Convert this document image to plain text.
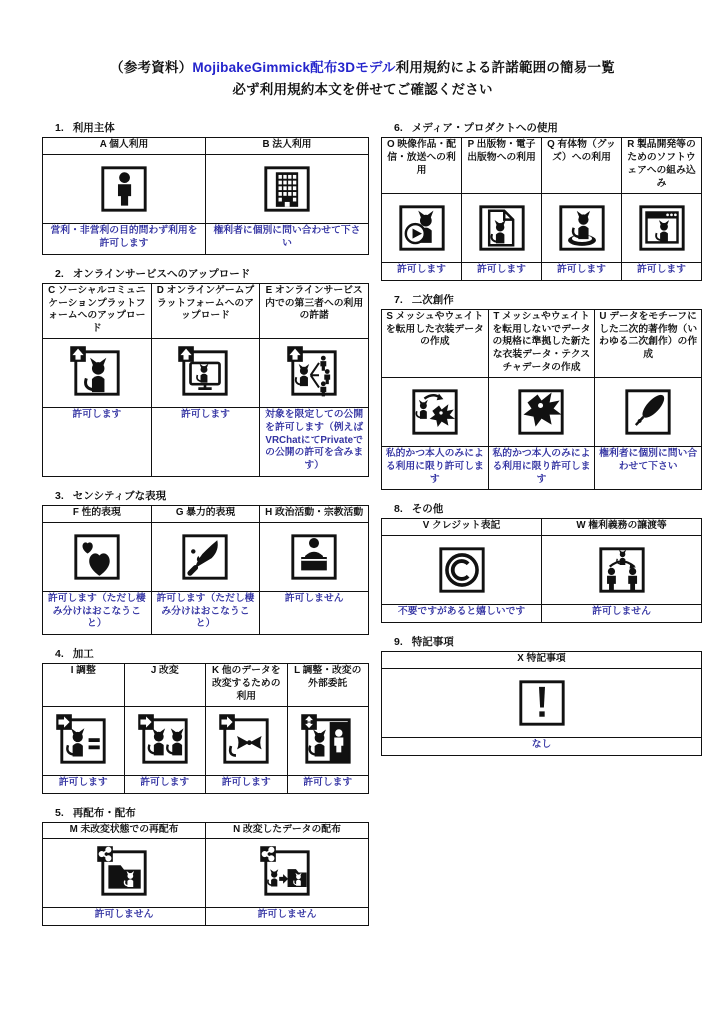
（参考資料）MojibakeGimmick配布3Dモデル利用規約による許諾範囲の簡易一覧
必ず利用規約本文を併せてご確認ください
1. 利用主体
A 個人利用	B 法人利用

営利・非営利の目的問わず利用を許可します	権利者に個別に問い合わせて下さい
2. オンラインサービスへのアップロード
C ソーシャルコミュニケーションプラットフォームへのアップロード	D オンラインゲームプラットフォームへのアップロード	E オンラインサービス内での第三者への利用の許諾

許可します	許可します	対象を限定しての公開を許可します（例えばVRChatにてPrivateでの公開の許可を含みます）
3. センシティブな表現
F 性的表現	G 暴力的表現	H 政治活動・宗教活動

許可します（ただし棲み分けはおこなうこと）	許可します（ただし棲み分けはおこなうこと）	許可しません
4. 加工
I 調整	J 改変	K 他のデータを改変するための利用	L 調整・改変の外部委託

許可します	許可します	許可します	許可します
5. 再配布・配布
M 未改変状態での再配布	N 改変したデータの配布

許可しません	許可しません
6. メディア・プロダクトへの使用
O 映像作品・配信・放送への利用	P 出版物・電子出版物への利用	Q 有体物（グッズ）への利用	R 製品開発等のためのソフトウェアへの組み込み

許可します	許可します	許可します	許可します
7. 二次創作
S メッシュやウェイトを転用した衣装データの作成	T メッシュやウェイトを転用しないでデータの規格に準拠した新たな衣装データ・テクスチャデータの作成	U データをモチーフにした二次的著作物（いわゆる二次創作）の作成

私的かつ本人のみによる利用に限り許可します	私的かつ本人のみによる利用に限り許可します	権利者に個別に問い合わせて下さい
8. その他
V クレジット表記	W 権利義務の譲渡等

不要ですがあると嬉しいです	許可しません
9. 特記事項
X 特記事項

なし
